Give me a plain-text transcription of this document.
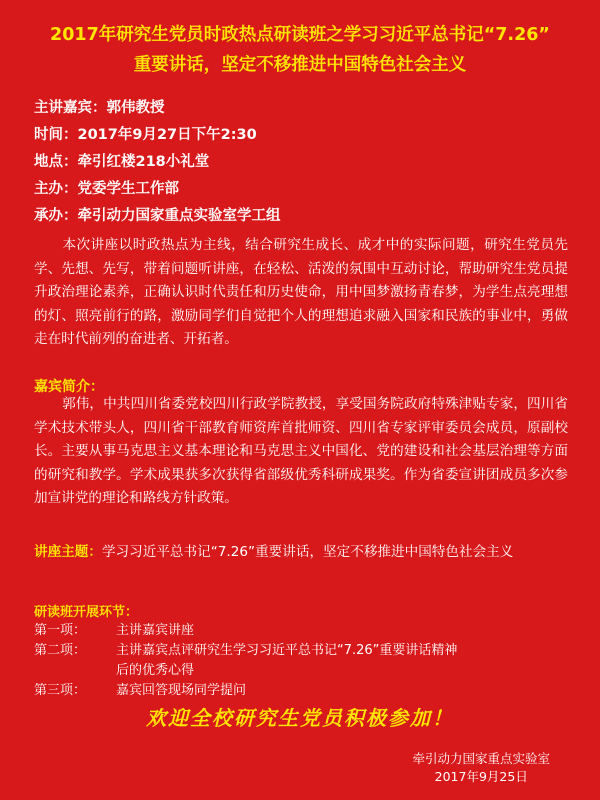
2017年研究生党员时政热点研读班之学习习近平总书记“7.26”
重要讲话，坚定不移推进中国特色社会主义
主讲嘉宾：郭伟教授
时间：2017年9月27日下午2:30
地点：牵引红楼218小礼堂
主办：党委学生工作部
承办：牵引动力国家重点实验室学工组
本次讲座以时政热点为主线，结合研究生成长、成才中的实际问题，研究生党员先学、先想、先写，带着问题听讲座，在轻松、活泼的氛围中互动讨论，帮助研究生党员提升政治理论素养，正确认识时代责任和历史使命，用中国梦激扬青春梦，为学生点亮理想的灯、照亮前行的路，激励同学们自觉把个人的理想追求融入国家和民族的事业中，勇做走在时代前列的奋进者、开拓者。
嘉宾简介：
郭伟，中共四川省委党校四川行政学院教授，享受国务院政府特殊津贴专家，四川省学术技术带头人，四川省干部教育师资库首批师资、四川省专家评审委员会成员，原副校长。主要从事马克思主义基本理论和马克思主义中国化、党的建设和社会基层治理等方面的研究和教学。学术成果获多次获得省部级优秀科研成果奖。作为省委宣讲团成员多次参加宣讲党的理论和路线方针政策。
讲座主题：学习习近平总书记“7.26”重要讲话，坚定不移推进中国特色社会主义
研读班开展环节：
第一项：	主讲嘉宾讲座
第二项：	主讲嘉宾点评研究生学习习近平总书记“7.26”重要讲话精神
后的优秀心得
第三项：	嘉宾回答现场同学提问
欢迎全校研究生党员积极参加！
牵引动力国家重点实验室
2017年9月25日
